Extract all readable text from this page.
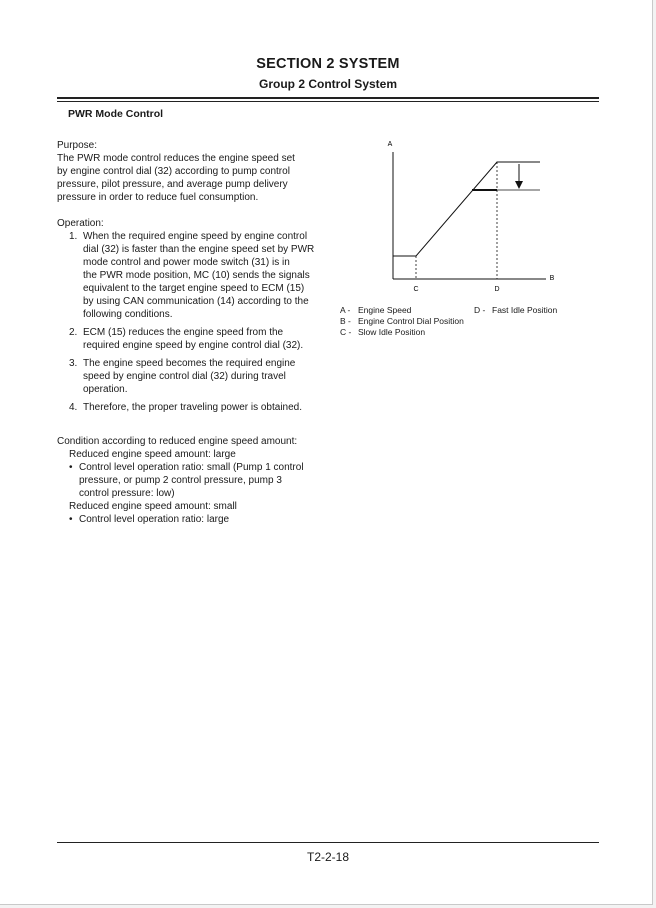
SECTION 2 SYSTEM
Group 2 Control System
PWR Mode Control
Purpose:
The PWR mode control reduces the engine speed set
by engine control dial (32) according to pump control
pressure, pilot pressure, and average pump delivery
pressure in order to reduce fuel consumption.
Operation:
1. When the required engine speed by engine control
dial (32) is faster than the engine speed set by PWR
mode control and power mode switch (31) is in
the PWR mode position, MC (10) sends the signals
equivalent to the target engine speed to ECM (15)
by using CAN communication (14) according to the
following conditions.
2. ECM (15) reduces the engine speed from the
required engine speed by engine control dial (32).
3. The engine speed becomes the required engine
speed by engine control dial (32) during travel
operation.
4. Therefore, the proper traveling power is obtained.
Condition according to reduced engine speed amount:
Reduced engine speed amount: large
• Control level operation ratio: small (Pump 1 control
pressure, or pump 2 control pressure, pump 3
control pressure: low)
Reduced engine speed amount: small
• Control level operation ratio: large
A
B
C	D
A - Engine Speed
B - Engine Control Dial Position
C - Slow Idle Position
D - Fast Idle Position
T2-2-18
